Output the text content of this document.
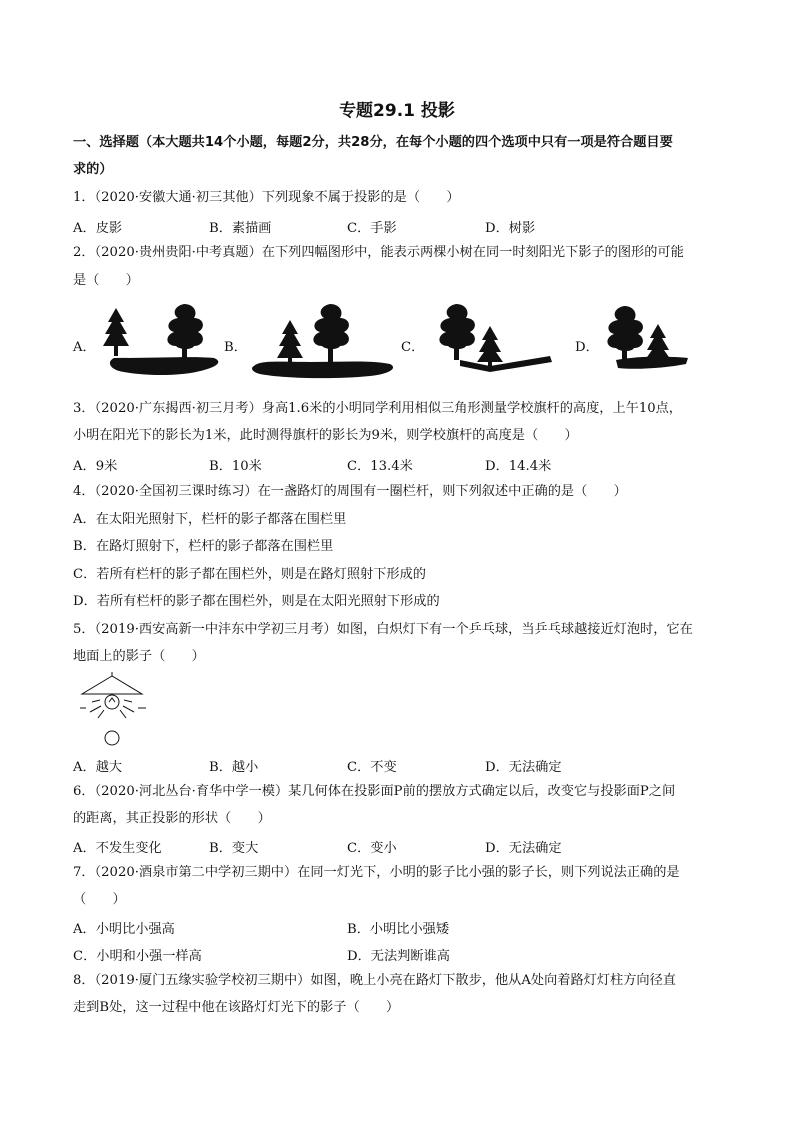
专题29.1 投影
一、选择题（本大题共14个小题，每题2分，共28分，在每个小题的四个选项中只有一项是符合题目要
求的）
1．（2020·安徽大通·初三其他）下列现象不属于投影的是（　　）
A．皮影	B．素描画	C．手影	D．树影
2．（2020·贵州贵阳·中考真题）在下列四幅图形中，能表示两棵小树在同一时刻阳光下影子的图形的可能
是（　　）
A．	B．	C．	D．
3．（2020·广东揭西·初三月考）身高1.6米的小明同学利用相似三角形测量学校旗杆的高度，上午10点，
小明在阳光下的影长为1米，此时测得旗杆的影长为9米，则学校旗杆的高度是（　　）
A．9米	B．10米	C．13.4米	D．14.4米
4．（2020·全国初三课时练习）在一盏路灯的周围有一圈栏杆，则下列叙述中正确的是（　　）
A．在太阳光照射下，栏杆的影子都落在围栏里
B．在路灯照射下，栏杆的影子都落在围栏里
C．若所有栏杆的影子都在围栏外，则是在路灯照射下形成的
D．若所有栏杆的影子都在围栏外，则是在太阳光照射下形成的
5．（2019·西安高新一中沣东中学初三月考）如图，白炽灯下有一个乒乓球，当乒乓球越接近灯泡时，它在
地面上的影子（　　）
A．越大	B．越小	C．不变	D．无法确定
6．（2020·河北丛台·育华中学一模）某几何体在投影面P前的摆放方式确定以后，改变它与投影面P之间
的距离，其正投影的形状（　　）
A．不发生变化	B．变大	C．变小	D．无法确定
7．（2020·酒泉市第二中学初三期中）在同一灯光下，小明的影子比小强的影子长，则下列说法正确的是
（　　）
A．小明比小强高	B．小明比小强矮
C．小明和小强一样高	D．无法判断谁高
8．（2019·厦门五缘实验学校初三期中）如图，晚上小亮在路灯下散步，他从A处向着路灯灯柱方向径直
走到B处，这一过程中他在该路灯灯光下的影子（　　）
